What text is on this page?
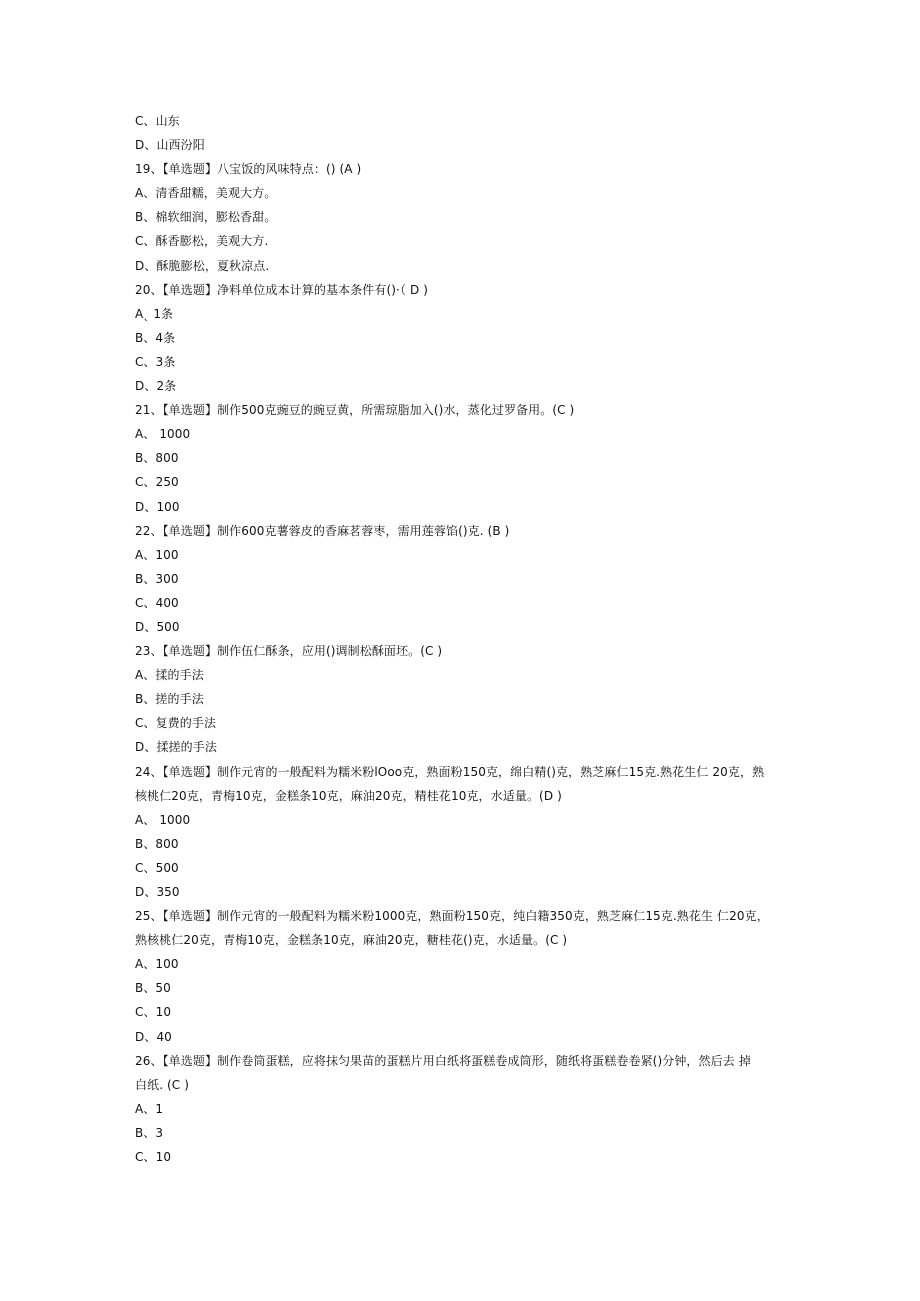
C、山东
D、山西汾阳
19、【单选题】八宝饭的风味特点：() (A )
A、清香甜糯，美观大方。
B、棉软细润，膨松香甜。
C、酥香膨松，美观大方.
D、酥脆膨松，夏秋凉点.
20、【单选题】净料单位成本计算的基本条件有()·（ D )
Aˎ 1条
B、4条
C、3条
D、2条
21、【单选题】制作500克豌豆的豌豆黄，所需琼脂加入()水，蒸化过罗备用。(C )
A、 1000
B、800
C、250
D、100
22、【单选题】制作600克薯蓉皮的香麻茗蓉枣，需用莲蓉馅()克. (B )
A、100
B、300
C、400
D、500
23、【单选题】制作伍仁酥条，应用()调制松酥面坯。(C )
A、揉的手法
B、搓的手法
C、复费的手法
D、揉搓的手法
24、【单选题】制作元宵的一般配料为糯米粉lOoo克，熟面粉150克，绵白精()克，熟芝麻仁15克.熟花生仁 20克，熟
核桃仁20克，青梅10克，金糕条10克，麻油20克，精桂花10克，水适量。(D )
A、 1000
B、800
C、500
D、350
25、【单选题】制作元宵的一般配料为糯米粉1000克，熟面粉150克，纯白籍350克，熟芝麻仁15克.熟花生 仁20克，
熟核桃仁20克，青梅10克，金糕条10克，麻油20克，糖桂花()克，水适量。(C )
A、100
B、50
C、10
D、40
26、【单选题】制作卷筒蛋糕，应将抹匀果苗的蛋糕片用白纸将蛋糕卷成筒形，随纸将蛋糕卷卷紧()分钟，然后去 掉
白纸. (C )
A、1
B、3
C、10
